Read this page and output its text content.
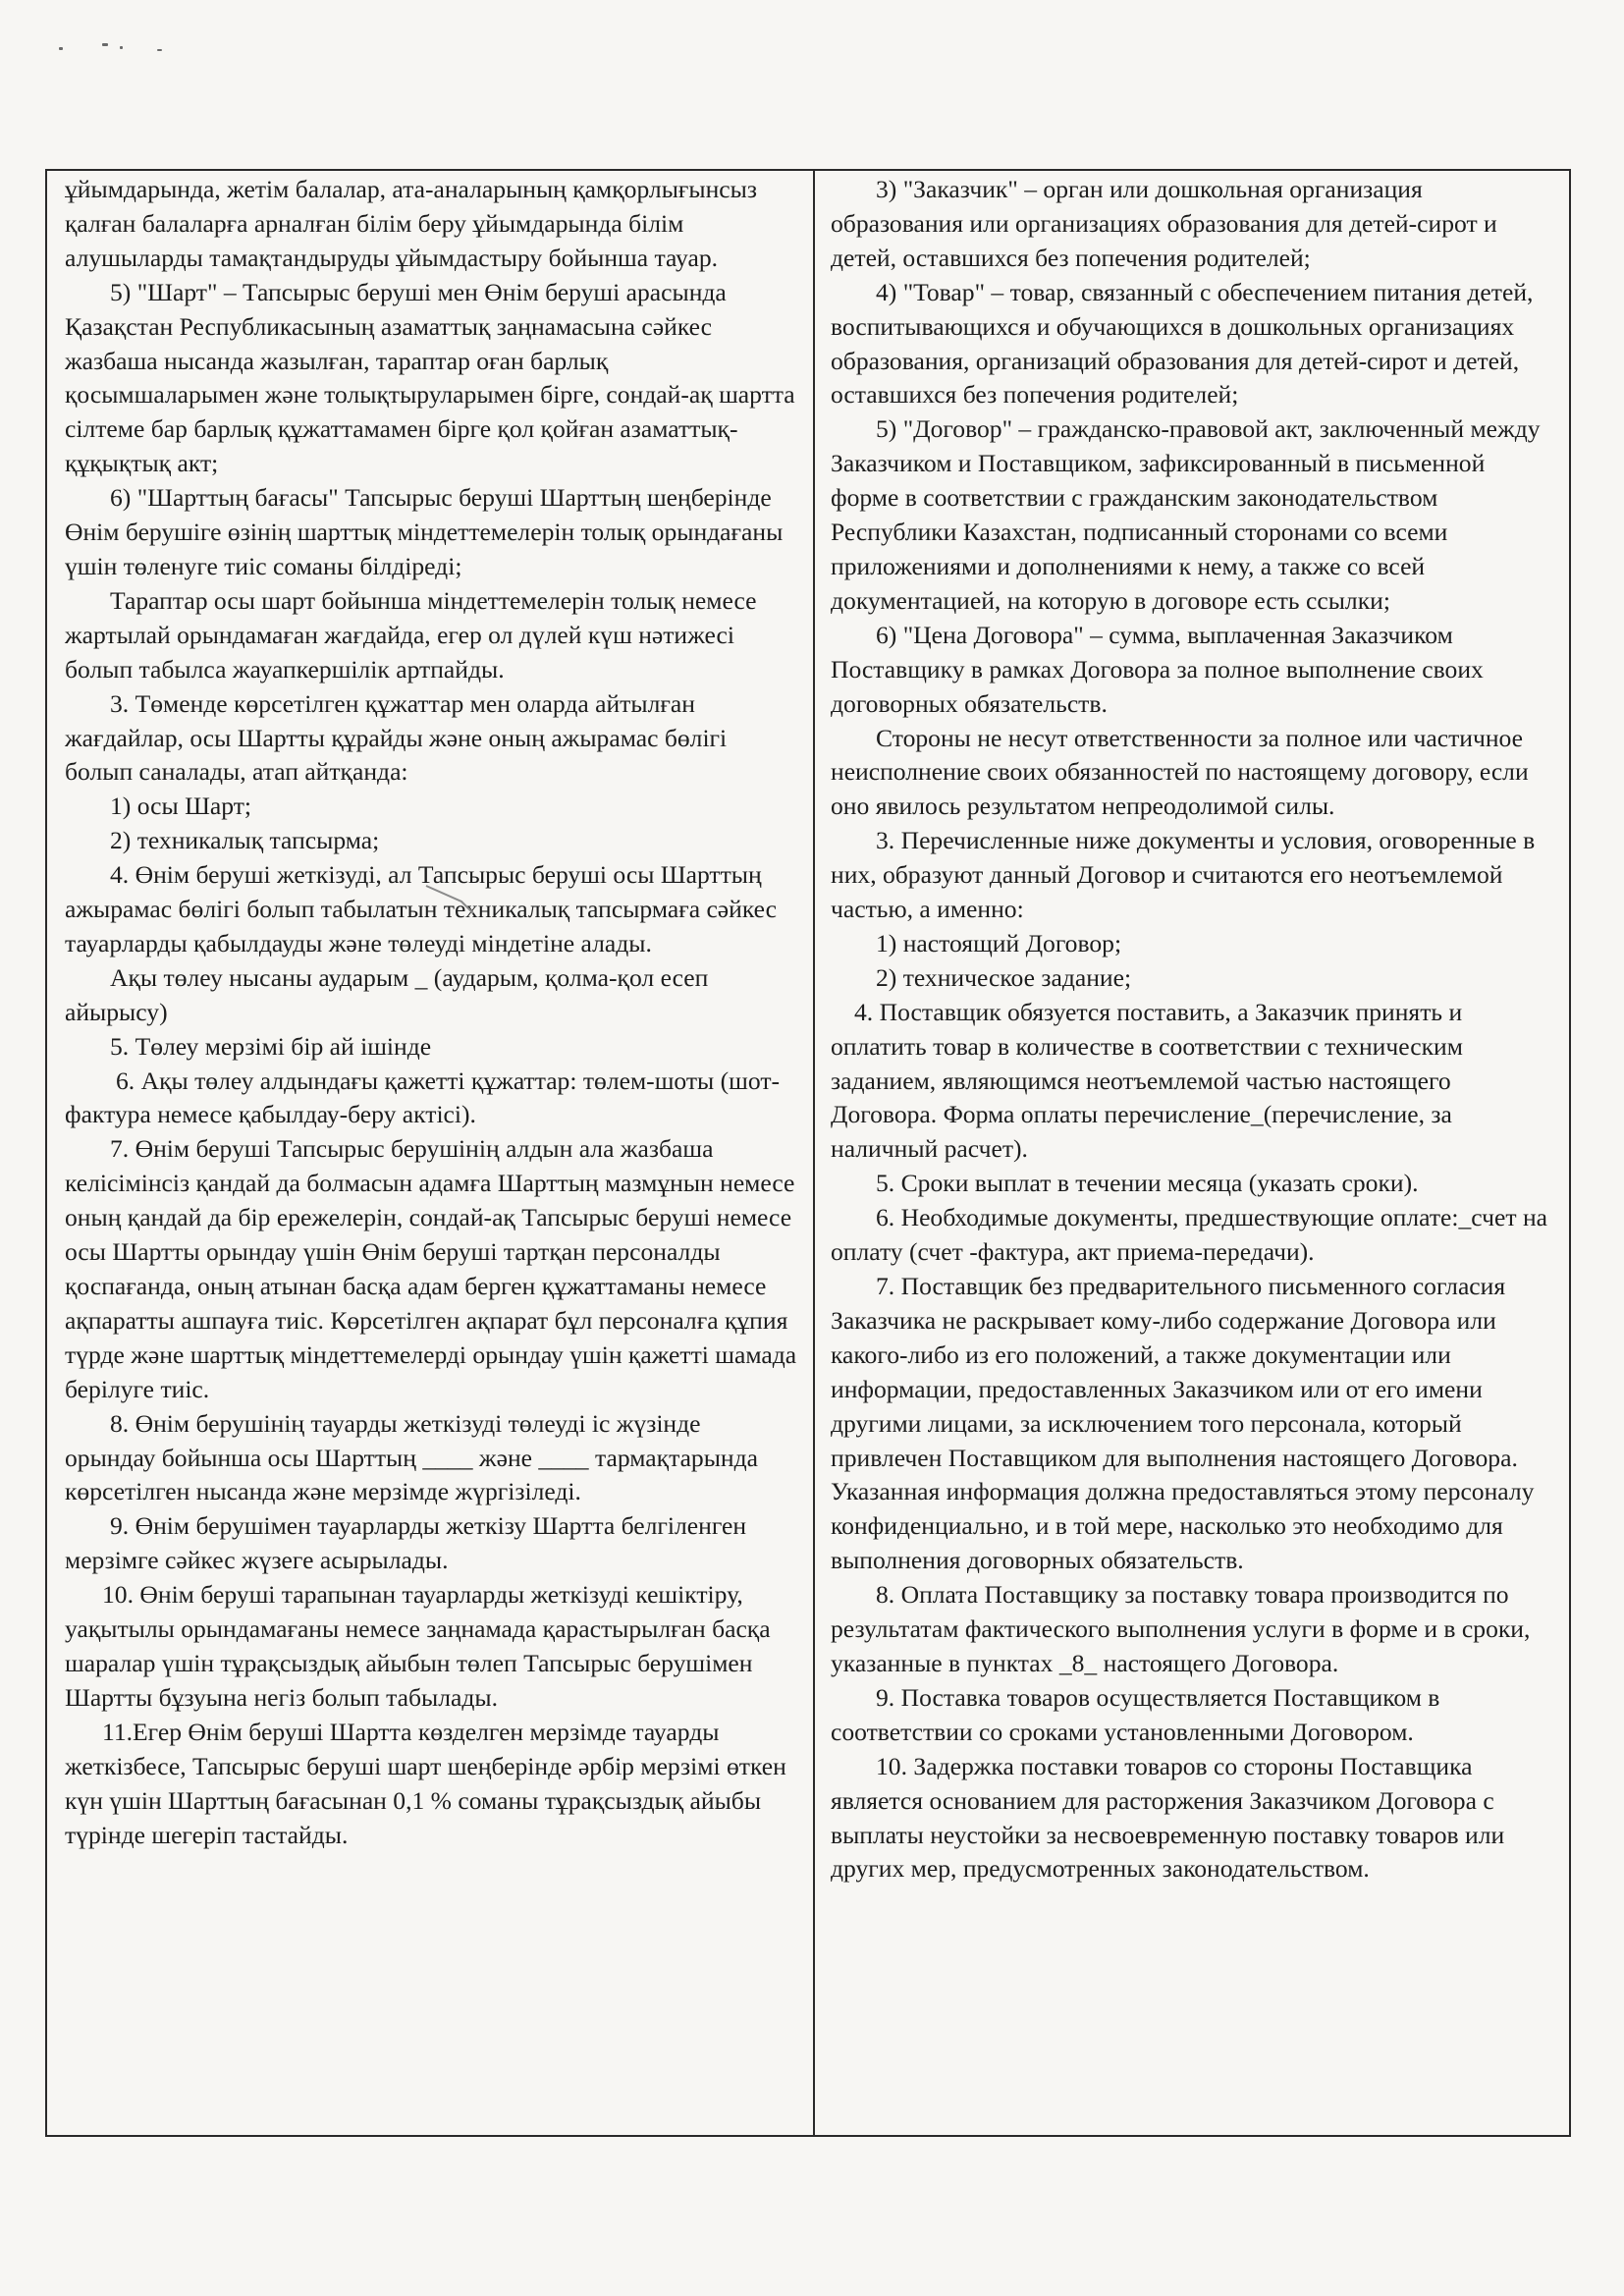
ұйымдарында, жетім балалар, ата-аналарының қамқорлығынсыз қалған балаларға арналған білім беру ұйымдарында білім алушыларды тамақтандыруды ұйымдастыру бойынша тауар.

5) "Шарт" – Тапсырыс беруші мен Өнім беруші арасында Қазақстан Республикасының азаматтық заңнамасына сәйкес жазбаша нысанда жазылған, тараптар оған барлық қосымшаларымен және толықтыруларымен бірге, сондай-ақ шартта сілтеме бар барлық құжаттамамен бірге қол қойған азаматтық-құқықтық акт;

6) "Шарттың бағасы" Тапсырыс беруші Шарттың шеңберінде Өнім берушіге өзінің шарттық міндеттемелерін толық орындағаны үшін төленуге тиіс соманы білдіреді;

Тараптар осы шарт бойынша міндеттемелерін толық немесе жартылай орындамаған жағдайда, егер ол дүлей күш нәтижесі болып табылса жауапкершілік артпайды.

3. Төменде көрсетілген құжаттар мен оларда айтылған жағдайлар, осы Шартты құрайды және оның ажырамас бөлігі болып саналады, атап айтқанда:

1) осы Шарт;

2) техникалық тапсырма;

4. Өнім беруші жеткізуді, ал Тапсырыс беруші осы Шарттың ажырамас бөлігі болып табылатын техникалық тапсырмаға сәйкес тауарларды қабылдауды және төлеуді міндетіне алады.

Ақы төлеу нысаны аударым _ (аударым, қолма-қол есеп айырысу)

5. Төлеу мерзімі бір ай ішінде

6. Ақы төлеу алдындағы қажетті құжаттар: төлем-шоты (шот-фактура немесе қабылдау-беру актісі).

7. Өнім беруші Тапсырыс берушінің алдын ала жазбаша келісімінсіз қандай да болмасын адамға Шарттың мазмұнын немесе оның қандай да бір ережелерін, сондай-ақ Тапсырыс беруші немесе осы Шартты орындау үшін Өнім беруші тартқан персоналды қоспағанда, оның атынан басқа адам берген құжаттаманы немесе ақпаратты ашпауға тиіс. Көрсетілген ақпарат бұл персоналға құпия түрде және шарттық міндеттемелерді орындау үшін қажетті шамада берілуге тиіс.

8. Өнім берушінің тауарды жеткізуді төлеуді іс жүзінде орындау бойынша осы Шарттың ____ және ____ тармақтарында көрсетілген нысанда және мерзімде жүргізіледі.

9. Өнім берушімен тауарларды жеткізу Шартта белгіленген мерзімге сәйкес жүзеге асырылады.

10. Өнім беруші тарапынан тауарларды жеткізуді кешіктіру, уақытылы орындамағаны немесе заңнамада қарастырылған басқа шаралар үшін тұрақсыздық айыбын төлеп Тапсырыс берушімен Шартты бұзуына негіз болып табылады.

11.Егер Өнім беруші Шартта көзделген мерзімде тауарды жеткізбесе, Тапсырыс беруші шарт шеңберінде әрбір мерзімі өткен күн үшін Шарттың бағасынан 0,1 % соманы тұрақсыздық айыбы түрінде шегеріп тастайды.

3) "Заказчик" – орган или дошкольная организация образования или организациях образования для детей-сирот и детей, оставшихся без попечения родителей;

4) "Товар" – товар, связанный с обеспечением питания детей, воспитывающихся и обучающихся в дошкольных организациях образования, организаций образования для детей-сирот и детей, оставшихся без попечения родителей;

5) "Договор" – гражданско-правовой акт, заключенный между Заказчиком и Поставщиком, зафиксированный в письменной форме в соответствии с гражданским законодательством Республики Казахстан, подписанный сторонами со всеми приложениями и дополнениями к нему, а также со всей документацией, на которую в договоре есть ссылки;

6) "Цена Договора" – сумма, выплаченная Заказчиком Поставщику в рамках Договора за полное выполнение своих договорных обязательств.

Стороны не несут ответственности за полное или частичное неисполнение своих обязанностей по настоящему договору, если оно явилось результатом непреодолимой силы.

3. Перечисленные ниже документы и условия, оговоренные в них, образуют данный Договор и считаются его неотъемлемой частью, а именно:

1) настоящий Договор;

2) техническое задание;

4. Поставщик обязуется поставить, а Заказчик принять и оплатить товар в количестве в соответствии с техническим заданием, являющимся неотъемлемой частью настоящего Договора. Форма оплаты перечисление_(перечисление, за наличный расчет).

5. Сроки выплат в течении месяца (указать сроки).

6. Необходимые документы, предшествующие оплате:_счет на оплату (счет -фактура, акт приема-передачи).

7. Поставщик без предварительного письменного согласия Заказчика не раскрывает кому-либо содержание Договора или какого-либо из его положений, а также документации или информации, предоставленных Заказчиком или от его имени другими лицами, за исключением того персонала, который привлечен Поставщиком для выполнения настоящего Договора. Указанная информация должна предоставляться этому персоналу конфиденциально, и в той мере, насколько это необходимо для выполнения договорных обязательств.

8. Оплата Поставщику за поставку товара производится по результатам фактического выполнения услуги в форме и в сроки, указанные в пунктах _8_ настоящего Договора.

9. Поставка товаров осуществляется Поставщиком в соответствии со сроками установленными Договором.

10. Задержка поставки товаров со стороны Поставщика является основанием для расторжения Заказчиком Договора с выплаты неустойки за несвоевременную поставку товаров или других мер, предусмотренных законодательством.
